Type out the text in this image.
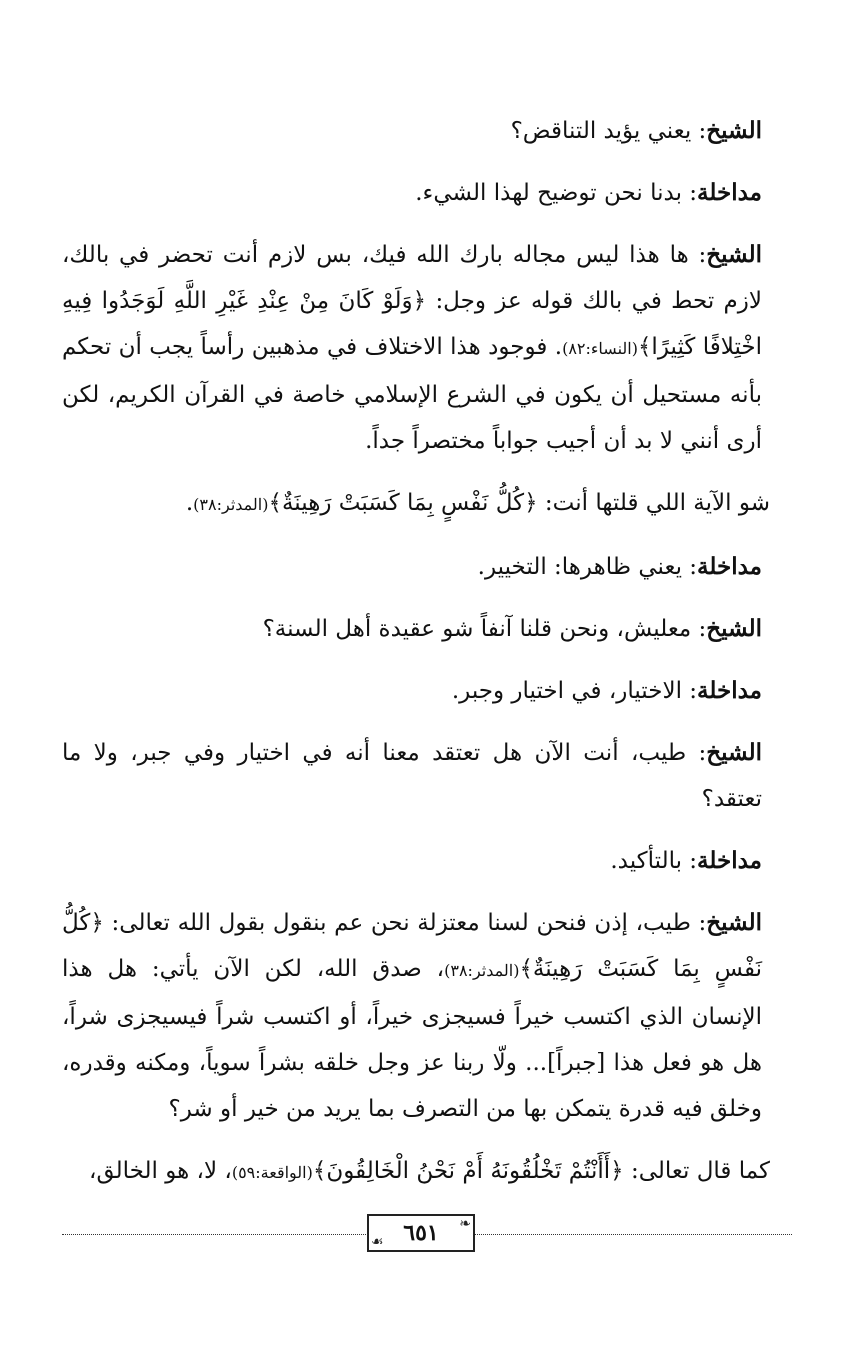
الشيخ: يعني يؤيد التناقض؟

مداخلة: بدنا نحن توضيح لهذا الشيء.

الشيخ: ها هذا ليس مجاله بارك الله فيك، بس لازم أنت تحضر في بالك، لازم تحط في بالك قوله عز وجل: ﴿وَلَوْ كَانَ مِنْ عِنْدِ غَيْرِ اللَّهِ لَوَجَدُوا فِيهِ اخْتِلافًا كَثِيرًا﴾(النساء:٨٢). فوجود هذا الاختلاف في مذهبين رأساً يجب أن تحكم بأنه مستحيل أن يكون في الشرع الإسلامي خاصة في القرآن الكريم، لكن أرى أنني لا بد أن أجيب جواباً مختصراً جداً.

شو الآية اللي قلتها أنت: ﴿كُلُّ نَفْسٍ بِمَا كَسَبَتْ رَهِينَةٌ﴾(المدثر:٣٨).

مداخلة: يعني ظاهرها: التخيير.

الشيخ: معليش، ونحن قلنا آنفاً شو عقيدة أهل السنة؟

مداخلة: الاختيار، في اختيار وجبر.

الشيخ: طيب، أنت الآن هل تعتقد معنا أنه في اختيار وفي جبر، ولا ما تعتقد؟

مداخلة: بالتأكيد.

الشيخ: طيب، إذن فنحن لسنا معتزلة نحن عم بنقول بقول الله تعالى: ﴿كُلُّ نَفْسٍ بِمَا كَسَبَتْ رَهِينَةٌ﴾(المدثر:٣٨)، صدق الله، لكن الآن يأتي: هل هذا الإنسان الذي اكتسب خيراً فسيجزى خيراً، أو اكتسب شراً فيسيجزى شراً، هل هو فعل هذا [جبراً]... ولّا ربنا عز وجل خلقه بشراً سوياً، ومكنه وقدره، وخلق فيه قدرة يتمكن بها من التصرف بما يريد من خير أو شر؟

كما قال تعالى: ﴿أَأَنْتُمْ تَخْلُقُونَهُ أَمْ نَحْنُ الْخَالِقُونَ﴾(الواقعة:٥٩)، لا، هو الخالق،

❧
☙ ٦٥١
